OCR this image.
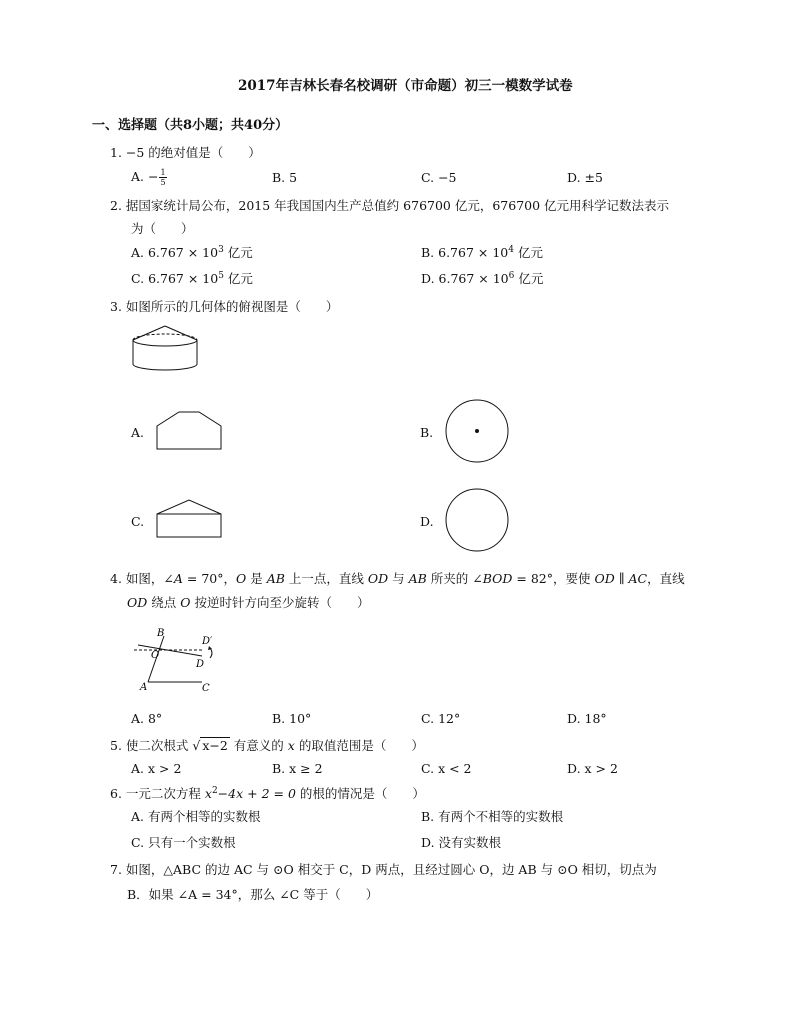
2017年吉林长春名校调研（市命题）初三一模数学试卷
一、选择题（共8小题；共40分）
1. −5 的绝对值是（　　）
A. − $\frac{1}{5}$	B. 5	C. −5	D. ±5
2. 据国家统计局公布，2015 年我国国内生产总值约 676700 亿元，676700 亿元用科学记数法表示
为（　　）
A. $6.767 \times 10^3$ 亿元	B. $6.767 \times 10^4$ 亿元
C. $6.767 \times 10^5$ 亿元	D. $6.767 \times 10^6$ 亿元
3. 如图所示的几何体的俯视图是（　　）
A.	B.
C.	D.
4. 如图，∠A = 70°，O 是 AB 上一点，直线 OD 与 AB 所夹的 ∠BOD = 82°，要使 OD ∥ AC，直线
OD 绕点 O 按逆时针方向至少旋转（　　）
B
D′
O
D
A	C
A. 8°	B. 10°	C. 12°	D. 18°
5. 使二次根式 √ x−2 有意义的 x 的取值范围是（　　）
A. x > 2	B. x ≥ 2	C. x < 2	D. x > 2
6. 一元二次方程 $x^2-4x + 2 = 0$ 的根的情况是（　　）
A. 有两个相等的实数根	B. 有两个不相等的实数根
C. 只有一个实数根	D. 没有实数根
7. 如图，△ABC 的边 AC 与 ⊙O 相交于 C，D 两点，且经过圆心 O，边 AB 与 ⊙O 相切，切点为
B．如果 ∠A = 34°，那么 ∠C 等于（　　）
